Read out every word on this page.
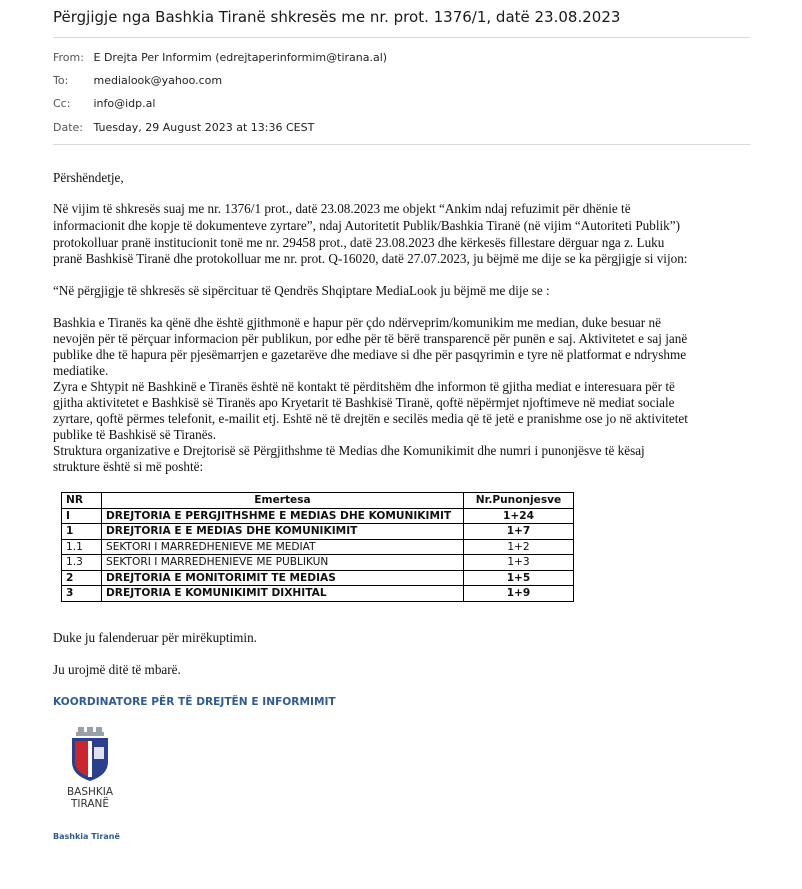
Përgjigje nga Bashkia Tiranë shkresës me nr. prot. 1376/1, datë 23.08.2023
From: E Drejta Per Informim (edrejtaperinformim@tirana.al)
To: medialook@yahoo.com
Cc: info@idp.al
Date: Tuesday, 29 August 2023 at 13:36 CEST
Përshëndetje,
Në vijim të shkresës suaj me nr. 1376/1 prot., datë 23.08.2023 me objekt “Ankim ndaj refuzimit për dhënie të
informacionit dhe kopje të dokumenteve zyrtare”, ndaj Autoritetit Publik/Bashkia Tiranë (në vijim “Autoriteti Publik”)
protokolluar pranë institucionit tonë me nr. 29458 prot., datë 23.08.2023 dhe kërkesës fillestare dërguar nga z. Luku
pranë Bashkisë Tiranë dhe protokolluar me nr. prot. Q-16020, datë 27.07.2023, ju bëjmë me dije se ka përgjigje si vijon:
“Në përgjigje të shkresës së sipërcituar të Qendrës Shqiptare MediaLook ju bëjmë me dije se :
Bashkia e Tiranës ka qënë dhe është gjithmonë e hapur për çdo ndërveprim/komunikim me median, duke besuar në
nevojën për të përçuar informacion për publikun, por edhe për të bërë transparencë për punën e saj. Aktivitetet e saj janë
publike dhe të hapura për pjesëmarrjen e gazetarëve dhe mediave si dhe për pasqyrimin e tyre në platformat e ndryshme
mediatike.
Zyra e Shtypit në Bashkinë e Tiranës është në kontakt të përditshëm dhe informon të gjitha mediat e interesuara për të
gjitha aktivitetet e Bashkisë së Tiranës apo Kryetarit të Bashkisë Tiranë, qoftë nëpërmjet njoftimeve në mediat sociale
zyrtare, qoftë përmes telefonit, e-mailit etj. Eshtë në të drejtën e secilës media që të jetë e pranishme ose jo në aktivitetet
publike të Bashkisë së Tiranës.
Struktura organizative e Drejtorisë së Përgjithshme të Medias dhe Komunikimit dhe numri i punonjësve të kësaj
strukture është si më poshtë:
Duke ju falenderuar për mirëkuptimin.
Ju urojmë ditë të mbarë.
NR	Emertesa	Nr.Punonjesve
I	DREJTORIA E PERGJITHSHME E MEDIAS DHE KOMUNIKIMIT	1+24
1	DREJTORIA E E MEDIAS DHE KOMUNIKIMIT	1+7
1.1	SEKTORI I MARREDHENIEVE ME MEDIAT	1+2
1.3	SEKTORI I MARREDHENIEVE ME PUBLIKUN	1+3
2	DREJTORIA E MONITORIMIT TE MEDIAS	1+5
3	DREJTORIA E KOMUNIKIMIT DIXHITAL	1+9
KOORDINATORE PËR TË DREJTËN E INFORMIMIT
BASHKIA
TIRANË
Bashkia Tiranë
